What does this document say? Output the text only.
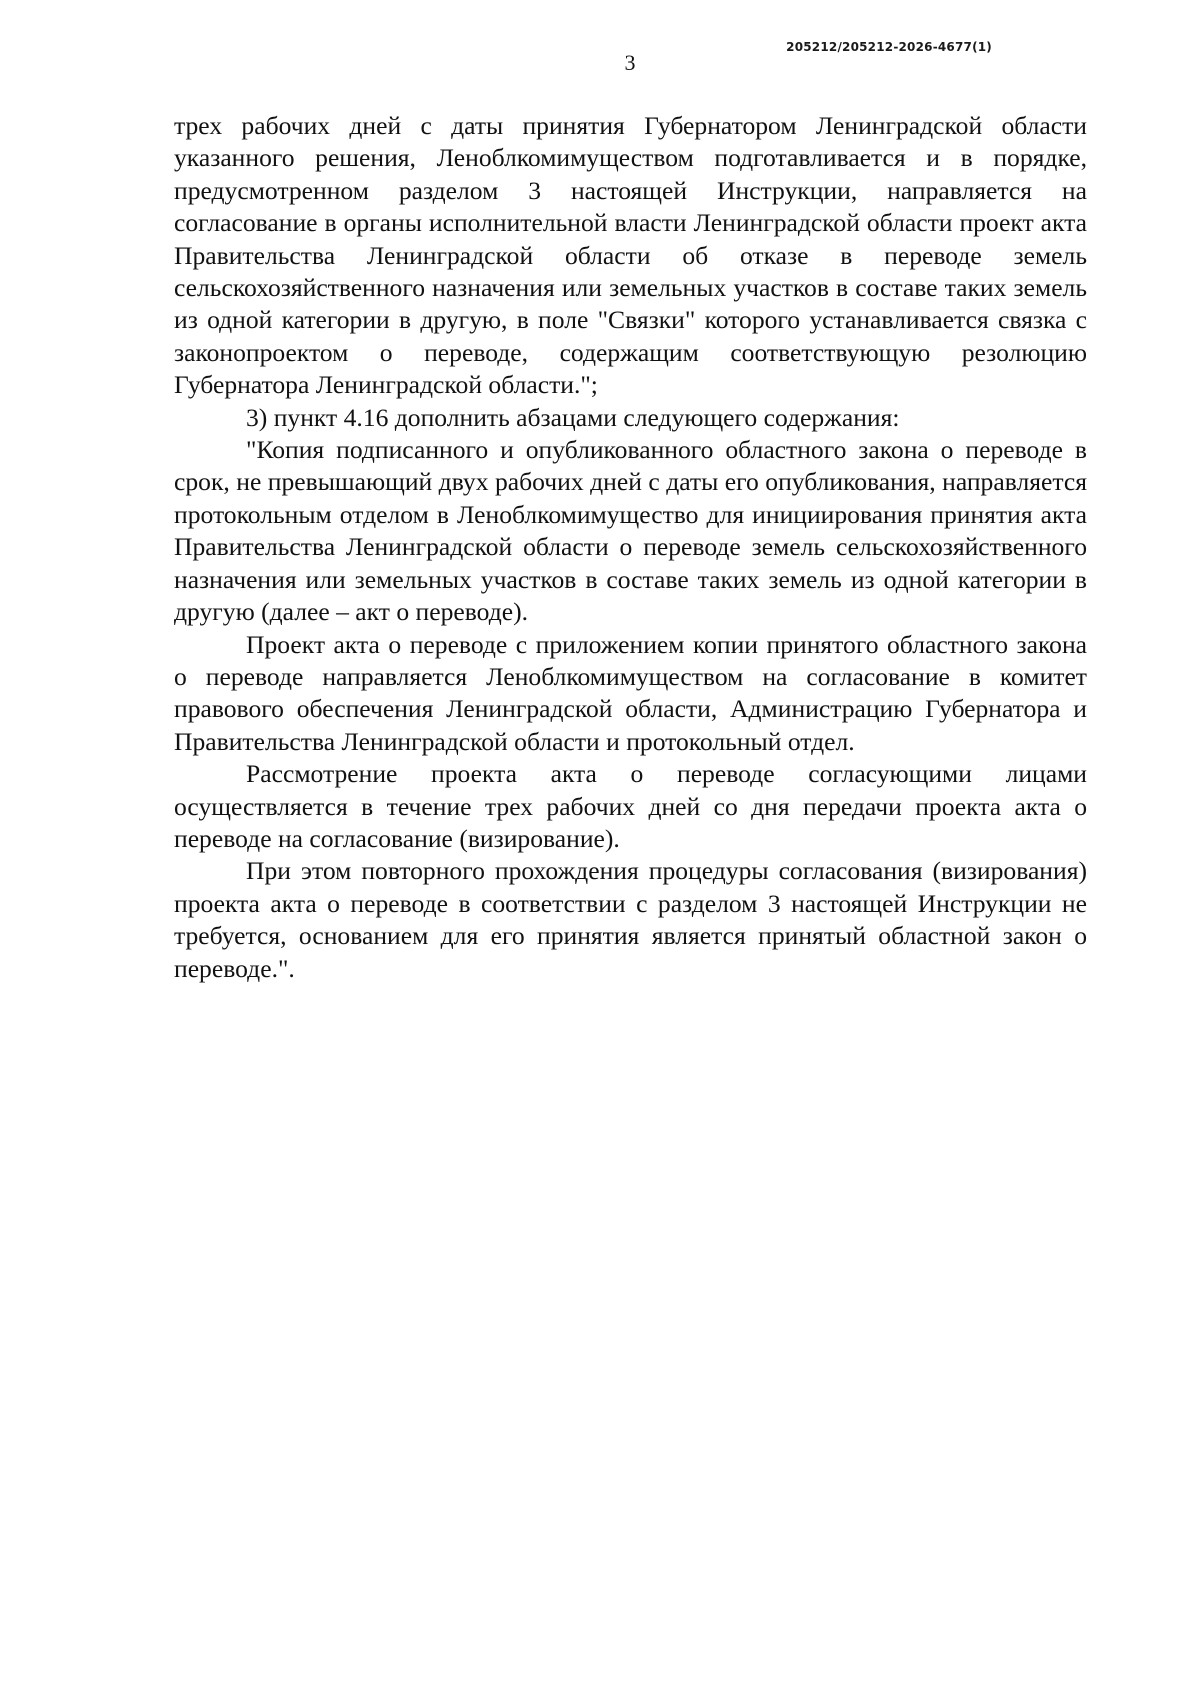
205212/205212-2026-4677(1)
3

трех рабочих дней с даты принятия Губернатором Ленинградской области указанного решения, Леноблкомимуществом подготавливается и в порядке, предусмотренном разделом 3 настоящей Инструкции, направляется на согласование в органы исполнительной власти Ленинградской области проект акта Правительства Ленинградской области об отказе в переводе земель сельскохозяйственного назначения или земельных участков в составе таких земель из одной категории в другую, в поле "Связки" которого устанавливается связка с законопроектом о переводе, содержащим соответствующую резолюцию Губернатора Ленинградской области.";

3) пункт 4.16 дополнить абзацами следующего содержания:

"Копия подписанного и опубликованного областного закона о переводе в срок, не превышающий двух рабочих дней с даты его опубликования, направляется протокольным отделом в Леноблкомимущество для инициирования принятия акта Правительства Ленинградской области о переводе земель сельскохозяйственного назначения или земельных участков в составе таких земель из одной категории в другую (далее – акт о переводе).

Проект акта о переводе с приложением копии принятого областного закона о переводе направляется Леноблкомимуществом на согласование в комитет правового обеспечения Ленинградской области, Администрацию Губернатора и Правительства Ленинградской области и протокольный отдел.

Рассмотрение проекта акта о переводе согласующими лицами осуществляется в течение трех рабочих дней со дня передачи проекта акта о переводе на согласование (визирование).

При этом повторного прохождения процедуры согласования (визирования) проекта акта о переводе в соответствии с разделом 3 настоящей Инструкции не требуется, основанием для его принятия является принятый областной закон о переводе.".
